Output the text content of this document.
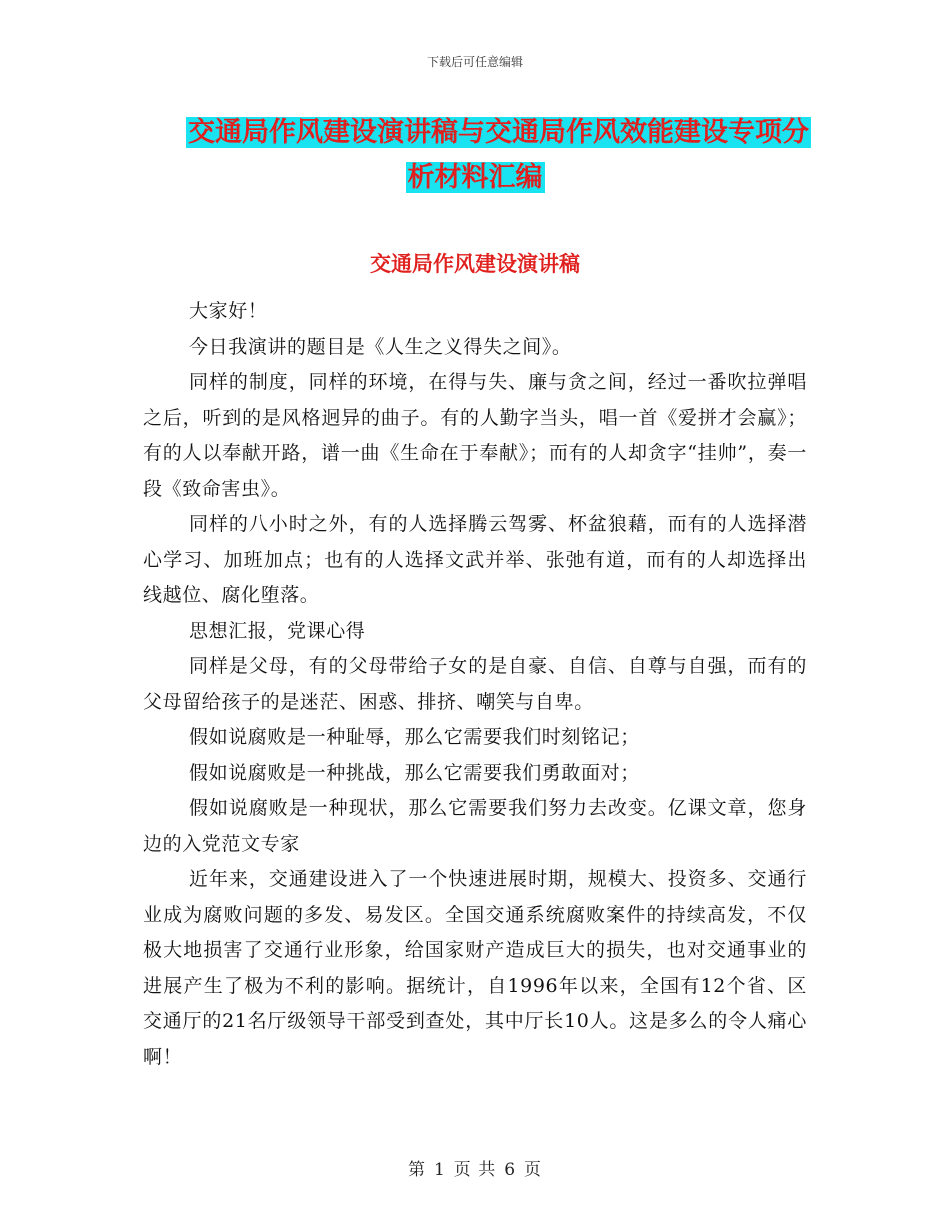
下载后可任意编辑
交通局作风建设演讲稿与交通局作风效能建设专项分
析材料汇编
交通局作风建设演讲稿

大家好！

今日我演讲的题目是《人生之义得失之间》。

同样的制度，同样的环境，在得与失、廉与贪之间，经过一番吹拉弹唱之后，听到的是风格迥异的曲子。有的人勤字当头，唱一首《爱拼才会赢》；有的人以奉献开路，谱一曲《生命在于奉献》；而有的人却贪字“挂帅”，奏一段《致命害虫》。

同样的八小时之外，有的人选择腾云驾雾、杯盆狼藉，而有的人选择潜心学习、加班加点；也有的人选择文武并举、张弛有道，而有的人却选择出线越位、腐化堕落。

思想汇报，党课心得

同样是父母，有的父母带给子女的是自豪、自信、自尊与自强，而有的父母留给孩子的是迷茫、困惑、排挤、嘲笑与自卑。

假如说腐败是一种耻辱，那么它需要我们时刻铭记；

假如说腐败是一种挑战，那么它需要我们勇敢面对；

假如说腐败是一种现状，那么它需要我们努力去改变。亿课文章，您身边的入党范文专家

近年来，交通建设进入了一个快速进展时期，规模大、投资多、交通行业成为腐败问题的多发、易发区。全国交通系统腐败案件的持续高发，不仅极大地损害了交通行业形象，给国家财产造成巨大的损失，也对交通事业的进展产生了极为不利的影响。据统计，自1996年以来，全国有12个省、区交通厅的21名厅级领导干部受到查处，其中厅长10人。这是多么的令人痛心啊！

第 1 页 共 6 页
